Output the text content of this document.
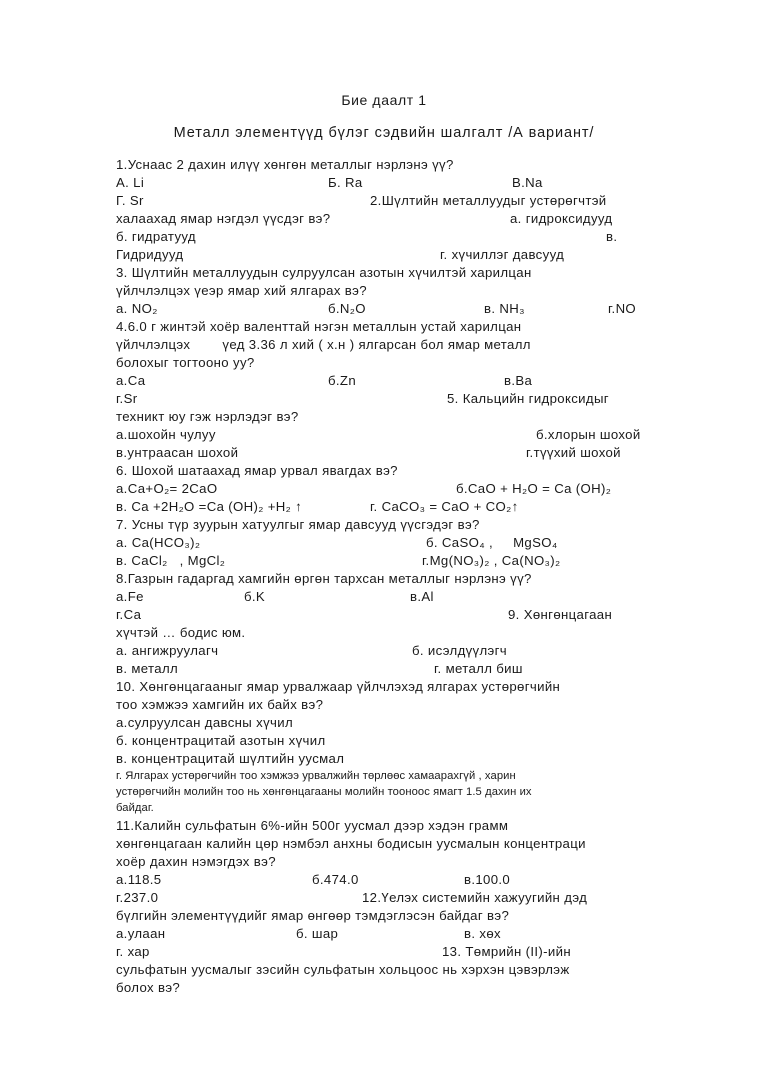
Бие даалт 1
Металл элементүүд бүлэг сэдвийн шалгалт /А вариант/
1.Уснаас 2 дахин илүү хөнгөн металлыг нэрлэнэ үү?
А. Li	Б. Ra	В.Na
Г. Sr	2.Шүлтийн металлуудыг устөрөгчтэй
халаахад ямар нэгдэл үүсдэг вэ?	а. гидроксидууд
б. гидратууд	в.
Гидридууд	г. хүчиллэг давсууд
3. Шүлтийн металлуудын сулруулсан азотын хүчилтэй харилцан
үйлчлэлцэх үеэр ямар хий ялгарах вэ?
а. NO₂	б.N₂O	в. NH₃	г.NO
4.6.0 г жинтэй хоёр валенттай нэгэн металлын устай харилцан
үйлчлэлцэх        үед 3.36 л хий ( х.н ) ялгарсан бол ямар металл
болохыг тогтооно уу?
а.Са	б.Zn	в.Ва
г.Sr	5. Кальцийн гидроксидыг
техникт юу гэж нэрлэдэг вэ?
а.шохойн чулуу	б.хлорын шохой
в.унтраасан шохой	г.түүхий шохой
6. Шохой шатаахад ямар урвал явагдах вэ?
а.Са+O₂= 2CaO	б.CaO + H₂O = Ca (OH)₂
в. Ca +2H₂O =Ca (OH)₂ +H₂ ↑	г. CaCO₃ = CaO + CO₂↑
7. Усны түр зуурын хатуулгыг ямар давсууд үүсгэдэг вэ?
а. Ca(HCO₃)₂	б. CaSO₄ ,     MgSO₄
в. CaCl₂   , MgCl₂	г.Mg(NO₃)₂ , Ca(NO₃)₂
8.Газрын гадаргад хамгийн өргөн тархсан металлыг нэрлэнэ үү?
а.Fe	б.K	в.Al
г.Са	9. Хөнгөнцагаан
хүчтэй … бодис юм.
а. ангижруулагч	б. исэлдүүлэгч
в. металл	г. металл биш
10. Хөнгөнцагааныг ямар урвалжаар үйлчлэхэд ялгарах устөрөгчийн
тоо хэмжээ хамгийн их байх вэ?
а.сулруулсан давсны хүчил
б. концентрацитай азотын хүчил
в. концентрацитай шүлтийн уусмал
г. Ялгарах устөрөгчийн тоо хэмжээ урвалжийн төрлөөс хамаарахгүй , харин
устөрөгчийн молийн тоо нь хөнгөнцагааны молийн тооноос ямагт 1.5 дахин их
байдаг.
11.Калийн сульфатын 6%-ийн 500г уусмал дээр хэдэн грамм
хөнгөнцагаан калийн цөр нэмбэл анхны бодисын уусмалын концентраци
хоёр дахин нэмэгдэх вэ?
а.118.5	б.474.0	в.100.0
г.237.0	12.Үелэх системийн хажуугийн дэд
бүлгийн элементүүдийг ямар өнгөөр тэмдэглэсэн байдаг вэ?
а.улаан	б. шар	в. хөх
г. хар	13. Төмрийн (II)-ийн
сульфатын уусмалыг зэсийн сульфатын хольцоос нь хэрхэн цэвэрлэж
болох вэ?
